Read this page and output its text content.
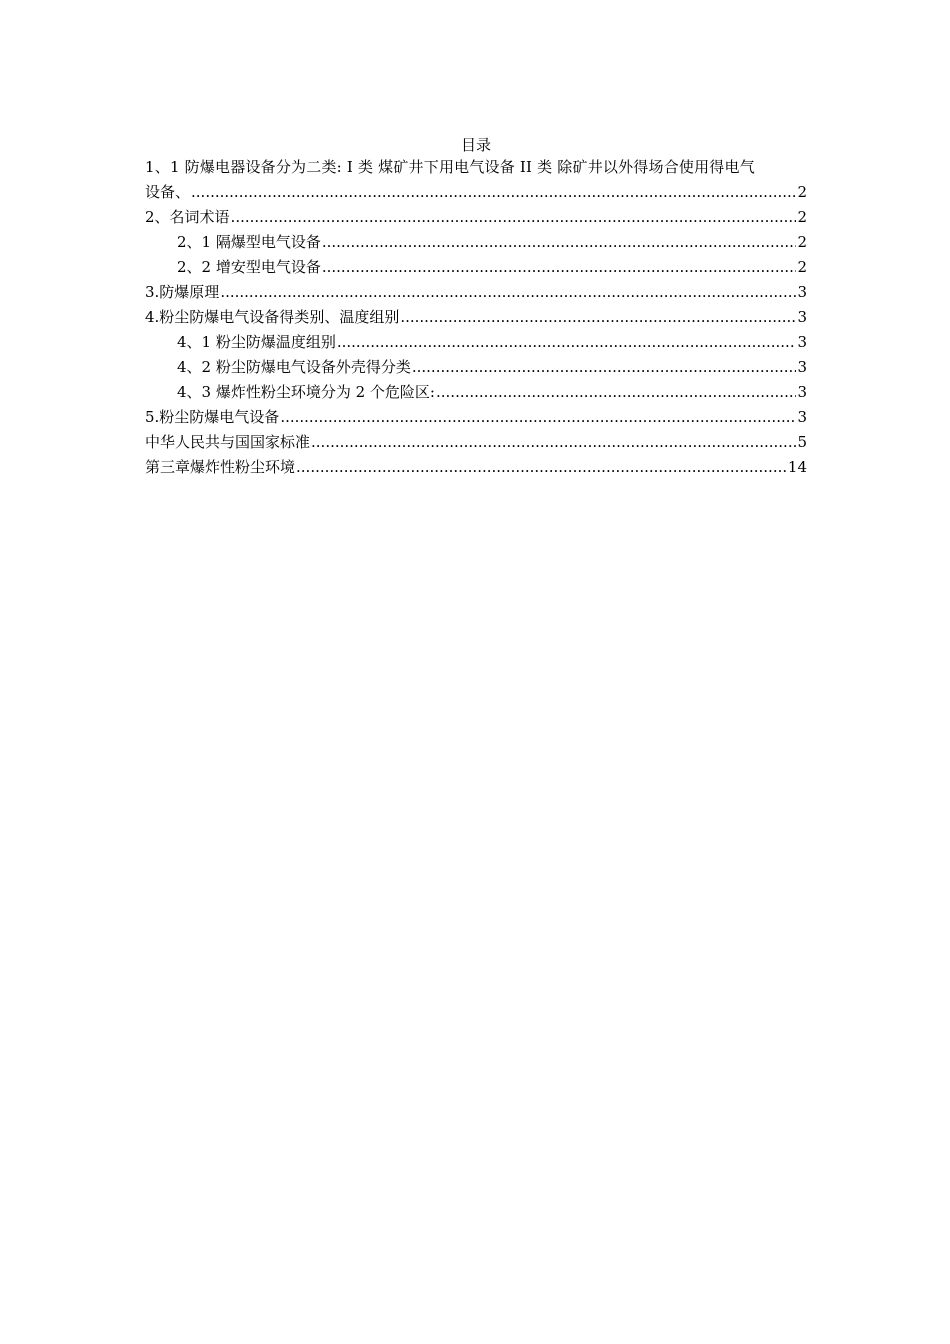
目录
1、1 防爆电器设备分为二类: I 类 煤矿井下用电气设备 II 类 除矿井以外得场合使用得电气
设备、 .....	2
2、名词术语 .....	2
2、1 隔爆型电气设备 .....	2
2、2 增安型电气设备 .....	2
3.防爆原理 .....	3
4.粉尘防爆电气设备得类别、温度组别 .....	3
4、1 粉尘防爆温度组别 .....	3
4、2 粉尘防爆电气设备外壳得分类 .....	3
4、3 爆炸性粉尘环境分为 2 个危险区: .....	3
5.粉尘防爆电气设备 .....	3
中华人民共与国国家标准 .....	5
第三章爆炸性粉尘环境 .....	14
